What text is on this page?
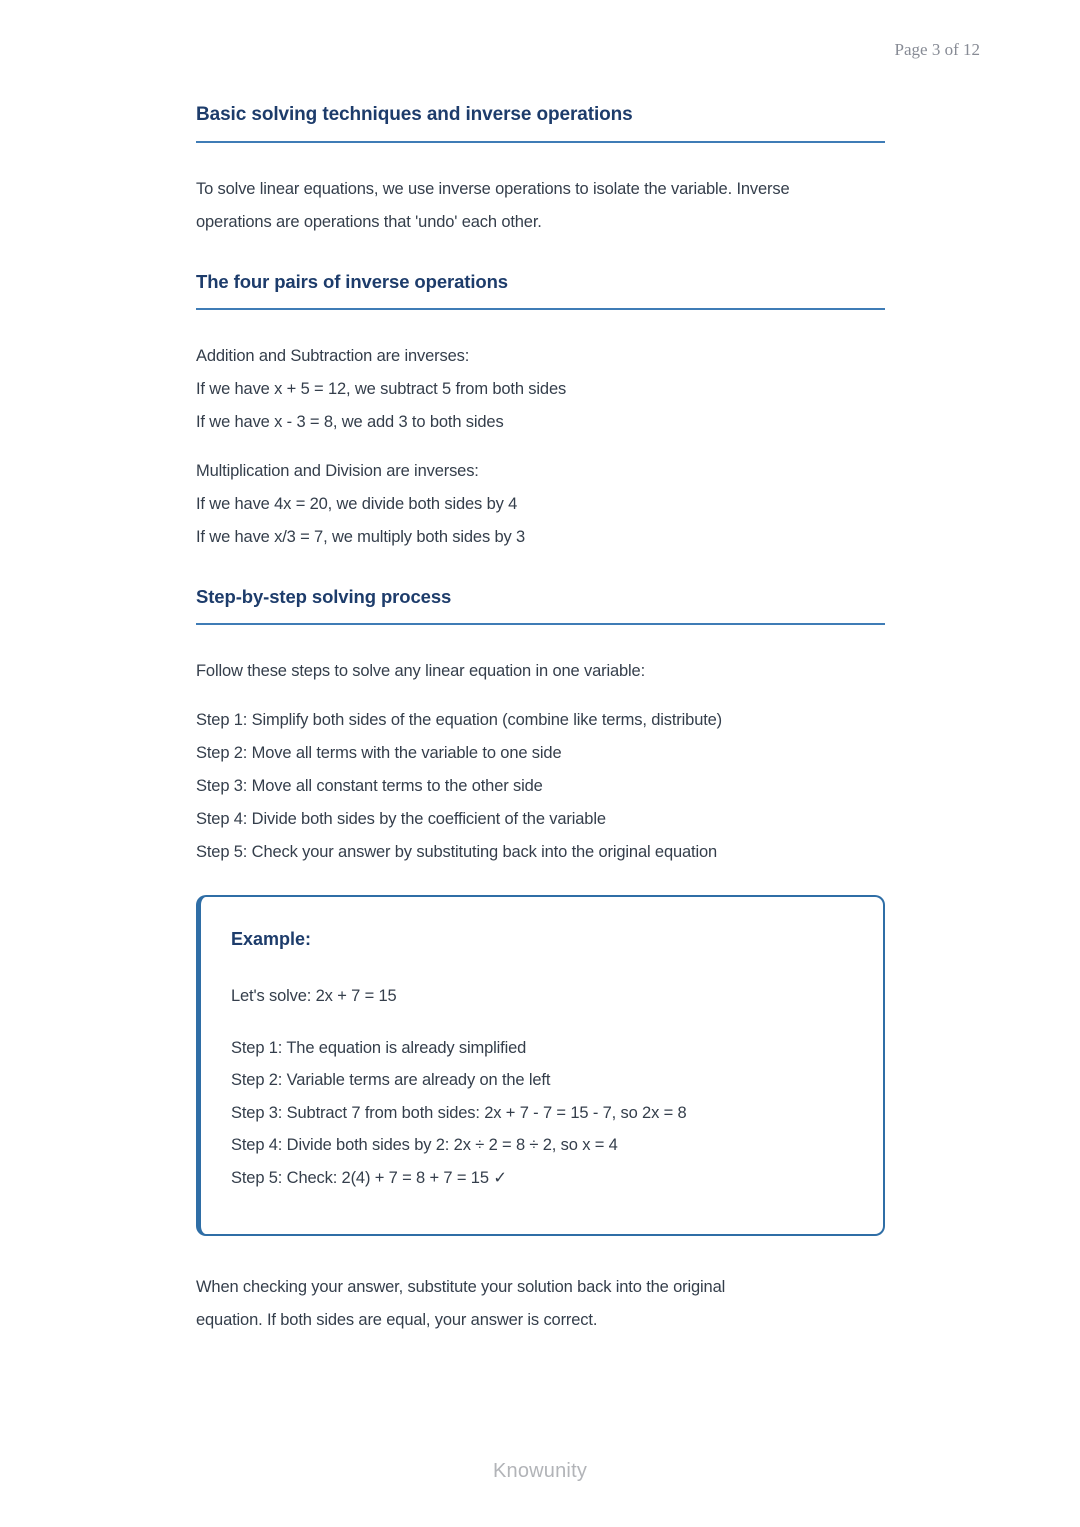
Page 3 of 12
Basic solving techniques and inverse operations
To solve linear equations, we use inverse operations to isolate the variable. Inverse
operations are operations that 'undo' each other.
The four pairs of inverse operations
Addition and Subtraction are inverses:
If we have x + 5 = 12, we subtract 5 from both sides
If we have x - 3 = 8, we add 3 to both sides
Multiplication and Division are inverses:
If we have 4x = 20, we divide both sides by 4
If we have x/3 = 7, we multiply both sides by 3
Step-by-step solving process
Follow these steps to solve any linear equation in one variable:
Step 1: Simplify both sides of the equation (combine like terms, distribute)
Step 2: Move all terms with the variable to one side
Step 3: Move all constant terms to the other side
Step 4: Divide both sides by the coefficient of the variable
Step 5: Check your answer by substituting back into the original equation
Example:
Let's solve: 2x + 7 = 15
Step 1: The equation is already simplified
Step 2: Variable terms are already on the left
Step 3: Subtract 7 from both sides: 2x + 7 - 7 = 15 - 7, so 2x = 8
Step 4: Divide both sides by 2: 2x ÷ 2 = 8 ÷ 2, so x = 4
Step 5: Check: 2(4) + 7 = 8 + 7 = 15 ✓
When checking your answer, substitute your solution back into the original
equation. If both sides are equal, your answer is correct.
Knowunity
